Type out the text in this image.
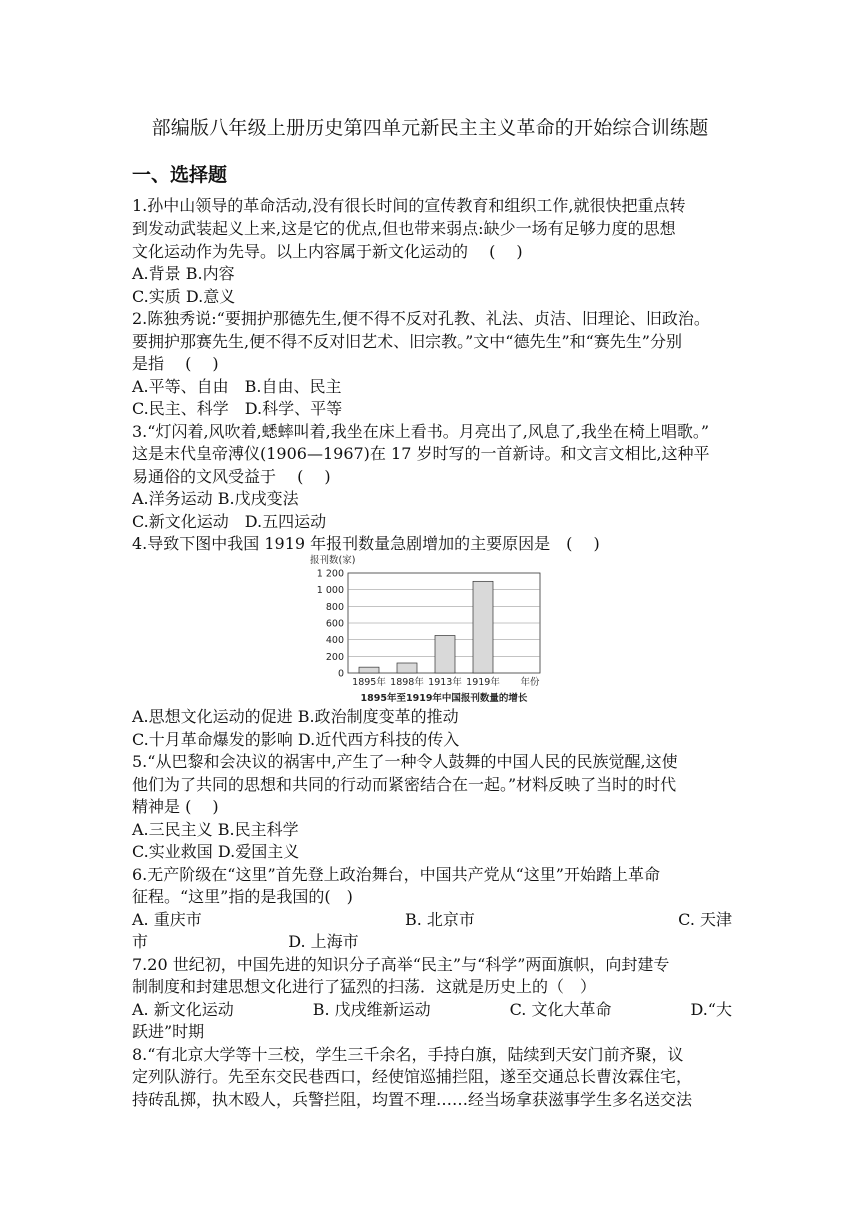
部编版八年级上册历史第四单元新民主主义革命的开始综合训练题
一、选择题
1.孙中山领导的革命活动,没有很长时间的宣传教育和组织工作,就很快把重点转
到发动武装起义上来,这是它的优点,但也带来弱点:缺少一场有足够力度的思想
文化运动作为先导。以上内容属于新文化运动的　 (　 )
A.背景 B.内容
C.实质 D.意义
2.陈独秀说:“要拥护那德先生,便不得不反对孔教、礼法、贞洁、旧理论、旧政治。
要拥护那赛先生,便不得不反对旧艺术、旧宗教。”文中“德先生”和“赛先生”分别
是指　 (　 )
A.平等、自由　B.自由、民主
C.民主、科学　D.科学、平等
3.“灯闪着,风吹着,蟋蟀叫着,我坐在床上看书。月亮出了,风息了,我坐在椅上唱歌。”
这是末代皇帝溥仪(1906—1967)在 17 岁时写的一首新诗。和文言文相比,这种平
易通俗的文风受益于　 (　 )
A.洋务运动 B.戊戌变法
C.新文化运动　D.五四运动
4.导致下图中我国 1919 年报刊数量急剧增加的主要原因是　(　 )
0
200
400
600
800
1 000
1 200
1895年 1898年 1913年 1919年
报刊数(家)
年份
1895年至1919年中国报刊数量的增长
A.思想文化运动的促进 B.政治制度变革的推动
C.十月革命爆发的影响 D.近代西方科技的传入
5.“从巴黎和会决议的祸害中,产生了一种令人鼓舞的中国人民的民族觉醒,这使
他们为了共同的思想和共同的行动而紧密结合在一起。”材料反映了当时的时代
精神是 (　 )
A.三民主义 B.民主科学
C.实业救国 D.爱国主义
6.无产阶级在“这里”首先登上政治舞台，中国共产党从“这里”开始踏上革命
征程。“这里”指的是我国的(　)
A. 重庆市	B. 北京市	C. 天津
市	D. 上海市
7.20 世纪初，中国先进的知识分子高举“民主”与“科学”两面旗帜，向封建专
制制度和封建思想文化进行了猛烈的扫荡．这就是历史上的（　）
A. 新文化运动	B. 戊戌维新运动	C. 文化大革命	D.“大
跃进”时期
8.“有北京大学等十三校，学生三千余名，手持白旗，陆续到天安门前齐聚，议
定列队游行。先至东交民巷西口，经使馆巡捕拦阻，遂至交通总长曹汝霖住宅，
持砖乱掷，执木殴人，兵警拦阻，均置不理……经当场拿获滋事学生多名送交法
